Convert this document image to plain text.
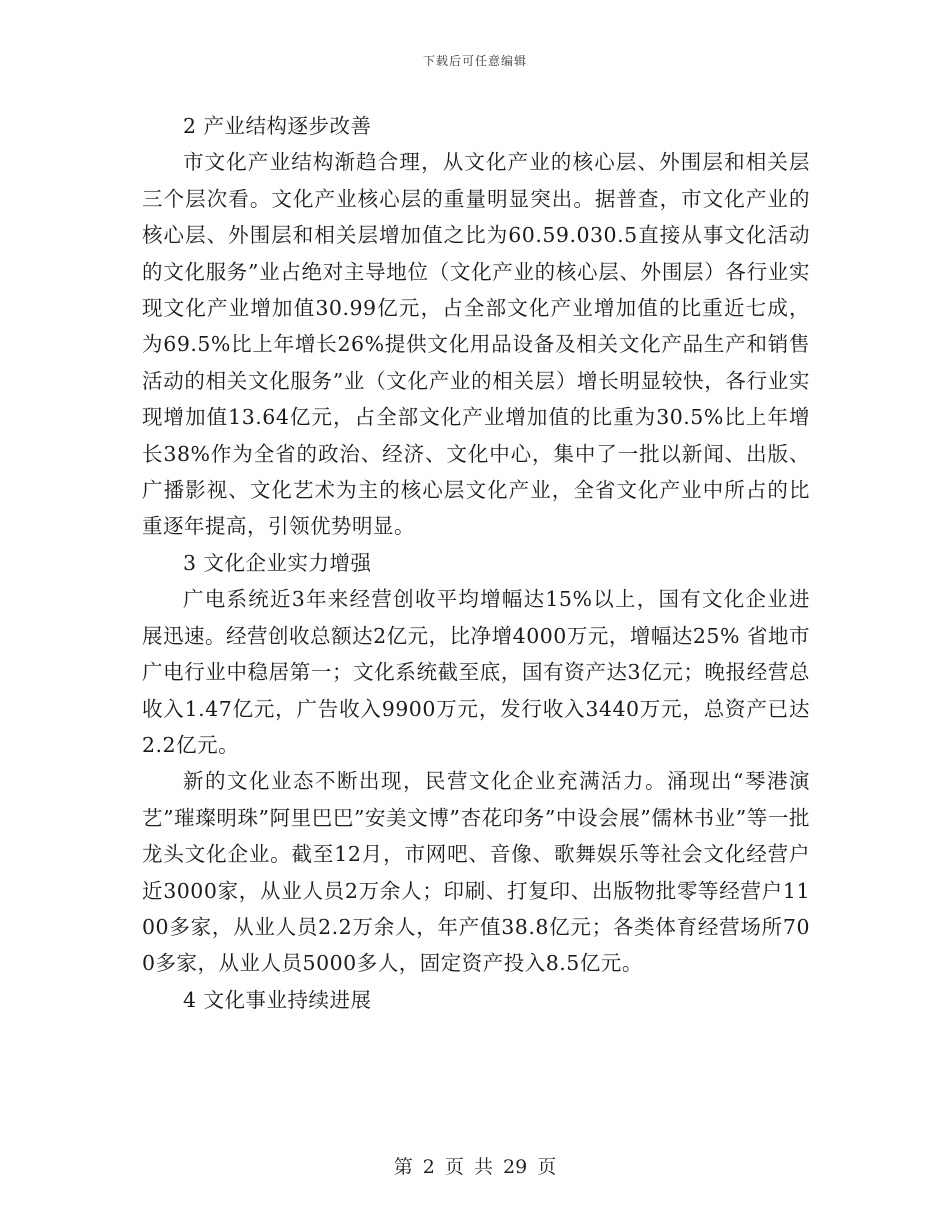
下载后可任意编辑

2 产业结构逐步改善

市文化产业结构渐趋合理，从文化产业的核心层、外围层和相关层三个层次看。文化产业核心层的重量明显突出。据普查，市文化产业的核心层、外围层和相关层增加值之比为60.59.030.5直接从事文化活动的文化服务”业占绝对主导地位（文化产业的核心层、外围层）各行业实现文化产业增加值30.99亿元，占全部文化产业增加值的比重近七成，为69.5%比上年增长26%提供文化用品设备及相关文化产品生产和销售活动的相关文化服务”业（文化产业的相关层）增长明显较快，各行业实现增加值13.64亿元，占全部文化产业增加值的比重为30.5%比上年增长38%作为全省的政治、经济、文化中心，集中了一批以新闻、出版、广播影视、文化艺术为主的核心层文化产业，全省文化产业中所占的比重逐年提高，引领优势明显。

3 文化企业实力增强

广电系统近3年来经营创收平均增幅达15%以上，国有文化企业进展迅速。经营创收总额达2亿元，比净增4000万元，增幅达25% 省地市广电行业中稳居第一；文化系统截至底，国有资产达3亿元；晚报经营总收入1.47亿元，广告收入9900万元，发行收入3440万元，总资产已达2.2亿元。

新的文化业态不断出现，民营文化企业充满活力。涌现出“琴港演艺”璀璨明珠”阿里巴巴”安美文博”杏花印务”中设会展”儒林书业”等一批龙头文化企业。截至12月，市网吧、音像、歌舞娱乐等社会文化经营户近3000家，从业人员2万余人；印刷、打复印、出版物批零等经营户1100多家，从业人员2.2万余人，年产值38.8亿元；各类体育经营场所700多家，从业人员5000多人，固定资产投入8.5亿元。

4 文化事业持续进展

第 2 页 共 29 页
